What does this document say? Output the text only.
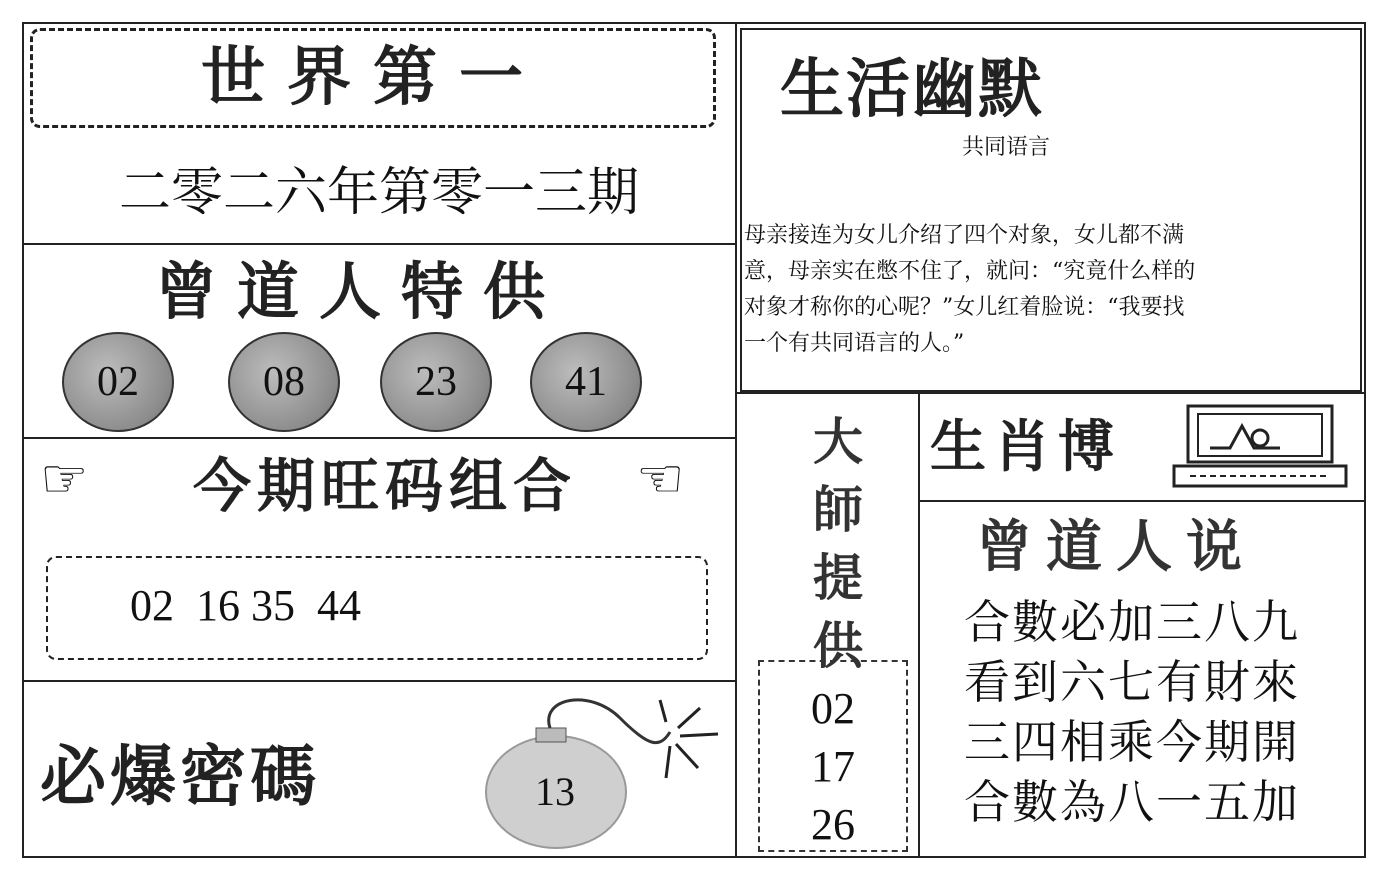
世界第一
二零二六年第零一三期
曾道人特供
02	08	23	41
☞	今期旺码组合	☜
02  16 35  44
必爆密碼	13
生活幽默
共同语言

母亲接连为女儿介绍了四个对象，女儿都不满

意，母亲实在憋不住了，就问：“究竟什么样的

对象才称你的心呢？”女儿红着脸说：“我要找

一个有共同语言的人。”

大
師
提
供
02
17
26
生肖博
曾道人说
合數必加三八九
看到六七有財來
三四相乘今期開
合數為八一五加
